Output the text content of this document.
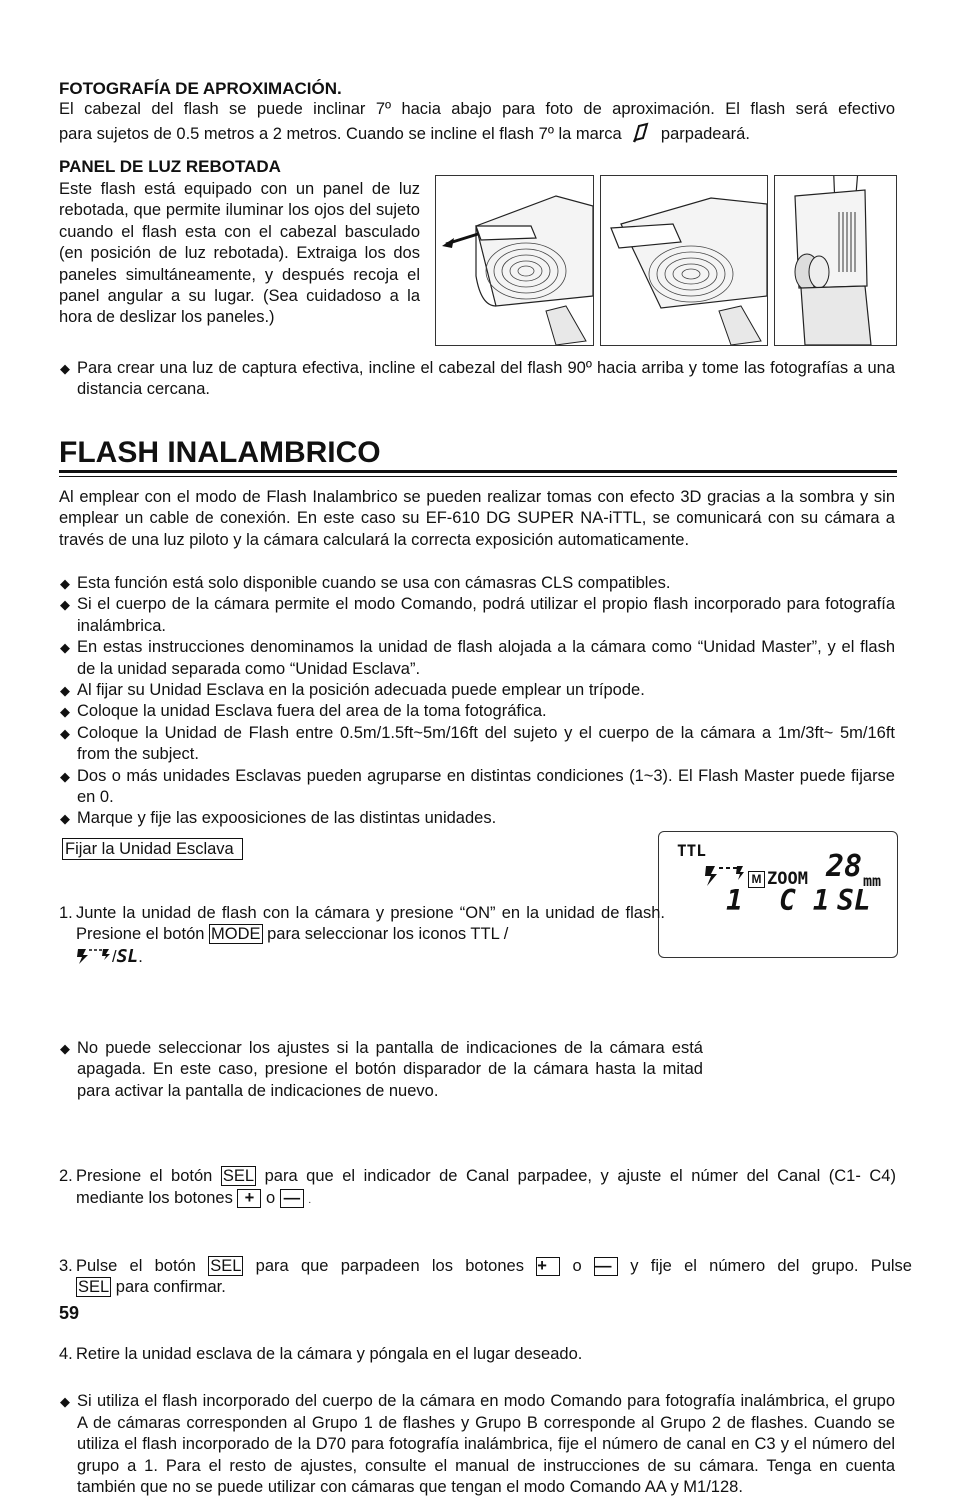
FOTOGRAFÍA DE APROXIMACIÓN.
El cabezal del flash se puede inclinar 7º hacia abajo para foto de aproximación. El flash será efectivo
para sujetos de 0.5 metros a 2 metros. Cuando se incline el flash 7º la marca parpadeará.
PANEL DE LUZ REBOTADA
Este flash está equipado con un panel de luz rebotada, que permite iluminar los ojos del sujeto cuando el flash esta con el cabezal basculado (en posición de luz rebotada). Extraiga los dos paneles simultáneamente, y después recoja el panel angular a su lugar. (Sea cuidadoso a la hora de deslizar los paneles.)
◆ Para crear una luz de captura efectiva, incline el cabezal del flash 90º hacia arriba y tome las fotografías a una distancia cercana.
FLASH INALAMBRICO
Al emplear con el modo de Flash Inalambrico se pueden realizar tomas con efecto 3D gracias a la sombra y sin emplear un cable de conexión. En este caso su EF-610 DG SUPER NA-iTTL, se comunicará con su cámara a través de una luz piloto y la cámara calculará la correcta exposición automaticamente.
◆ Esta función está solo disponible cuando se usa con cámasras CLS compatibles.
◆ Si el cuerpo de la cámara permite el modo Comando, podrá utilizar el propio flash incorporado para fotografía inalámbrica.
◆ En estas instrucciones denominamos la unidad de flash alojada a la cámara como “Unidad Master”, y el flash de la unidad separada como “Unidad Esclava”.
◆ Al fijar su Unidad Esclava en la posición adecuada puede emplear un trípode.
◆ Coloque la unidad Esclava fuera del area de la toma fotográfica.
◆ Coloque la Unidad de Flash entre 0.5m/1.5ft~5m/16ft del sujeto y el cuerpo de la cámara a 1m/3ft~ 5m/16ft from the subject.
◆ Dos o más unidades Esclavas pueden agruparse en distintas condiciones (1~3). El Flash Master puede fijarse en 0.
◆ Marque y fije las expoosiciones de las distintas unidades.
Fijar la Unidad Esclava	TTL
M ZOOM 28 mm
1 C 1 SL
1. Junte la unidad de flash con la cámara y presione “ON” en la unidad de flash. Presione el botón MODE para seleccionar los iconos TTL /
/SL.
◆ No puede seleccionar los ajustes si la pantalla de indicaciones de la cámara está apagada. En este caso, presione el botón disparador de la cámara hasta la mitad para activar la pantalla de indicaciones de nuevo.
2. Presione el botón SEL para que el indicador de Canal parpadee, y ajuste el númer del Canal (C1- C4) mediante los botones + o — .
3. Pulse el botón SEL para que parpadeen los botones + o — y fije el número del grupo. Pulse
SEL para confirmar.
4. Retire la unidad esclava de la cámara y póngala en el lugar deseado.
◆ Si utiliza el flash incorporado del cuerpo de la cámara en modo Comando para fotografía inalámbrica, el grupo A de cámaras corresponden al Grupo 1 de flashes y Grupo B corresponde al Grupo 2 de flashes. Cuando se utiliza el flash incorporado de la D70 para fotografía inalámbrica, fije el número de canal en C3 y el número del grupo a 1. Para el resto de ajustes, consulte el manual de instrucciones de su cámara. Tenga en cuenta también que no se puede utilizar con cámaras que tengan el modo Comando AA y M1/128.
59
